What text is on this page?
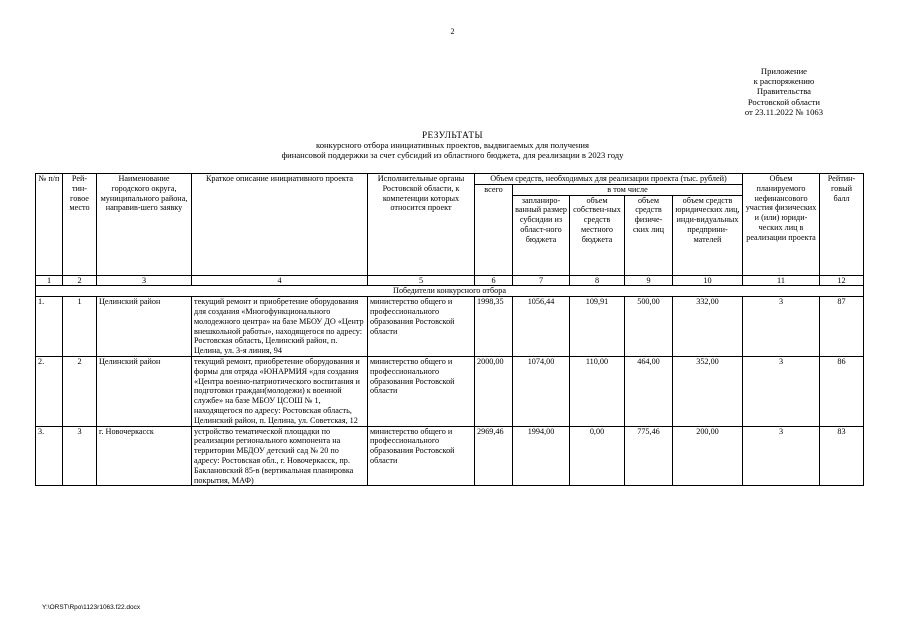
2
Приложение
к распоряжению
Правительства
Ростовской области
от 23.11.2022 № 1063
РЕЗУЛЬТАТЫ
конкурсного отбора инициативных проектов, выдвигаемых для получения
финансовой поддержки за счет субсидий из областного бюджета, для реализации в 2023 году
№ п/п	Рей-тин-говое место	Наименование городского округа, муниципального района, направив-шего заявку	Краткое описание инициативного проекта	Исполнительные органы Ростовской области, к компетенции которых относится проект	Объем средств, необходимых для реализации проекта (тыс. рублей)					Объем планируемого нефинансового участия физических и (или) юриди-ческих лиц в реализации проекта	Рейтин-говый балл
					всего	в том числе					
						запланиро-ванный размер субсидии из област-ного бюджета	объем собствен-ных средств местного бюджета	объем средств физиче-ских лиц	объем средств юридических лиц, инди-видуальных предприни-мателей		
1	2	3	4	5	6	7	8	9	10	11	12
Победители конкурсного отбора											
1.	1	Целинский район	текущий ремонт и приобретение оборудования для создания «Многофункционального молодежного центра» на базе МБОУ ДО «Центр внешкольной работы», находящегося по адресу: Ростовская область, Целинский район, п. Целина, ул. 3-я линия, 94	министерство общего и профессионального образования Ростовской области	1998,35	1056,44	109,91	500,00	332,00	3	87
2.	2	Целинский район	текущий ремонт, приобретение оборудования и формы для отряда «ЮНАРМИЯ «для создания «Центра военно-патриотического воспитания и подготовки граждан(молодежи) к военной службе» на базе МБОУ ЦСОШ № 1, находящегося по адресу: Ростовская область, Целинский район, п. Целина, ул. Советская, 12	министерство общего и профессионального образования Ростовской области	2000,00	1074,00	110,00	464,00	352,00	3	86
3.	3	г. Новочеркасск	устройство тематической площадки по реализации регионального компонента на территории МБДОУ детский сад № 20 по адресу: Ростовская обл., г. Новочеркасск, пр. Баклановский 85-в (вертикальная планировка покрытия, МАФ)	министерство общего и профессионального образования Ростовской области	2969,46	1994,00	0,00	775,46	200,00	3	83
Y:\ORST\Rpo\1123r1063.f22.docx
